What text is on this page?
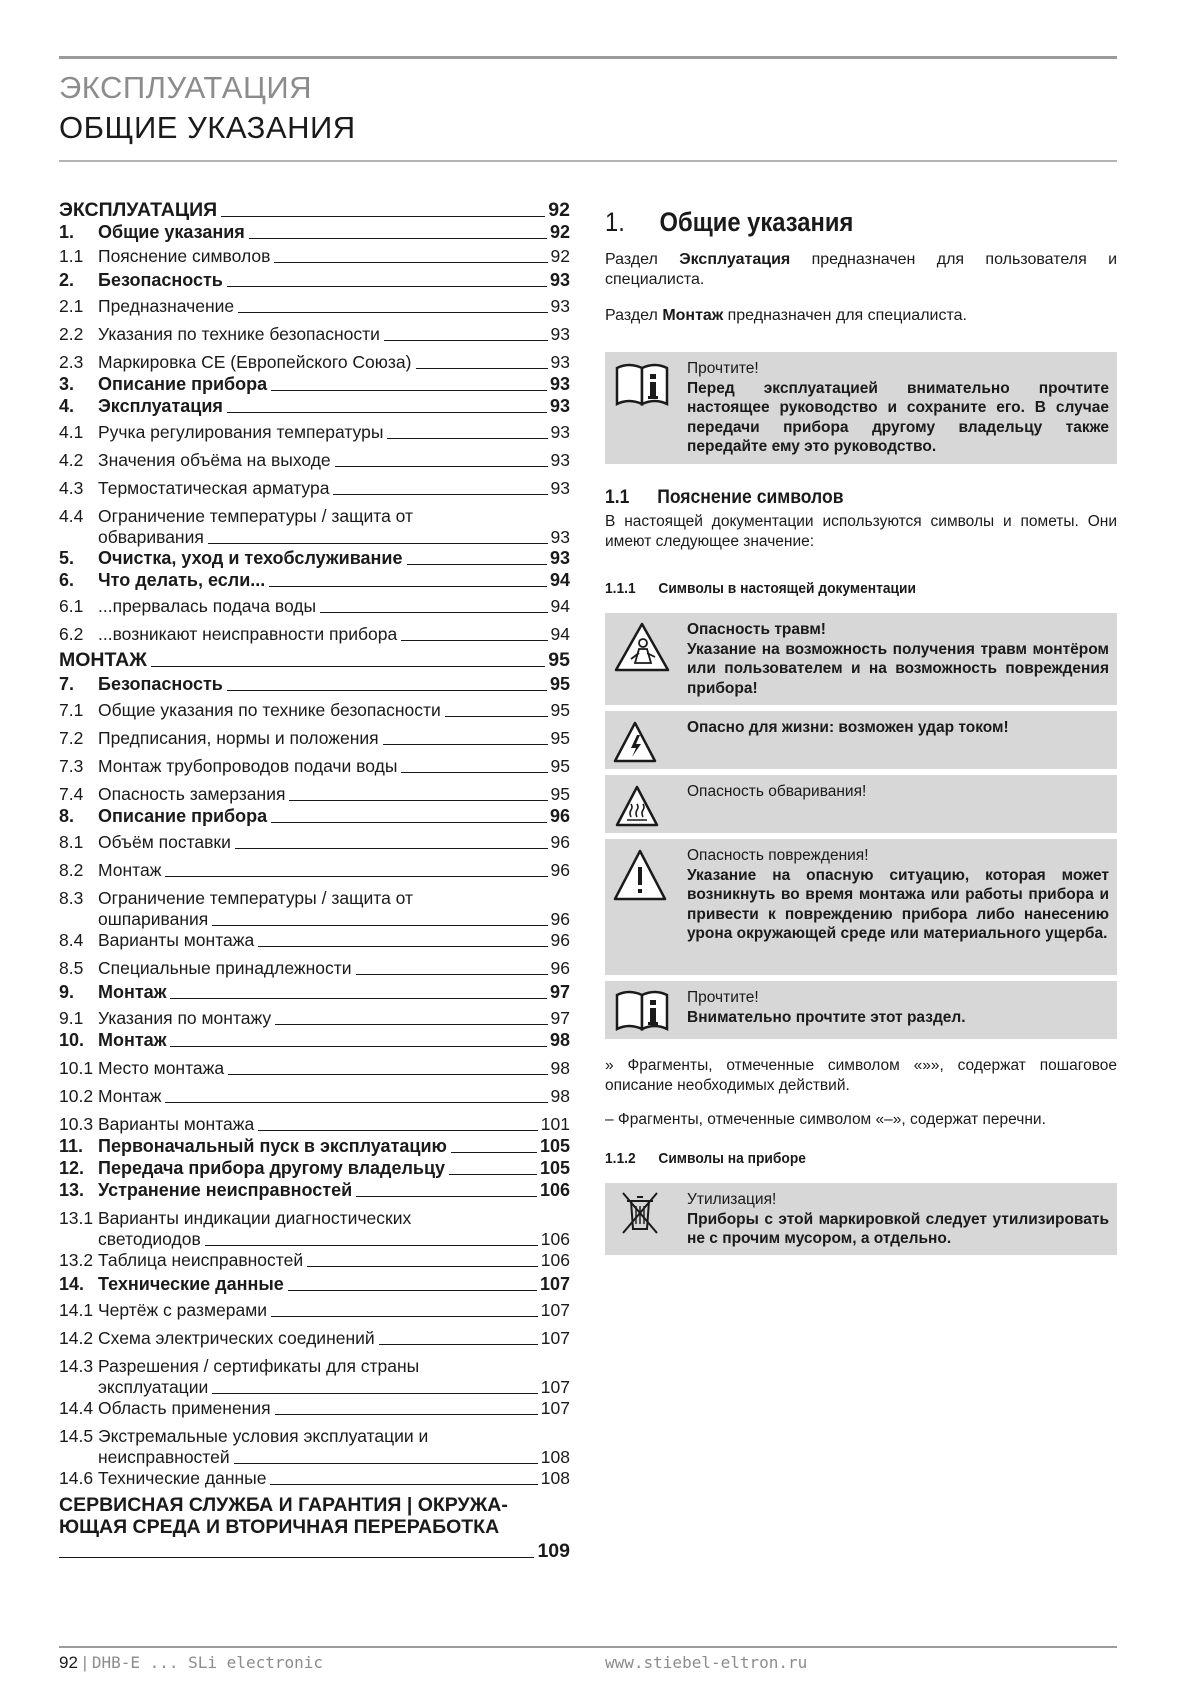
ЭКСПЛУАТАЦИЯ
ОБЩИЕ УКАЗАНИЯ
ЭКСПЛУАТАЦИЯ	92
1.	Общие указания	92
1.1 Пояснение символов	92
2.	Безопасность	93
2.1 Предназначение	93
2.2 Указания по технике безопасности	93
2.3 Маркировка CE (Европейского Союза)	93
3.	Описание прибора	93
4.	Эксплуатация	93
4.1 Ручка регулирования температуры	93
4.2 Значения объёма на выходе	93
4.3 Термостатическая арматура	93
4.4 Ограничение температуры / защита от
обваривания	93
5.	Очистка, уход и техобслуживание	93
6.	Что делать, если...	94
6.1 ...прервалась подача воды	94
6.2 ...возникают неисправности прибора	94
МОНТАЖ	95
7.	Безопасность	95
7.1 Общие указания по технике безопасности	95
7.2 Предписания, нормы и положения	95
7.3 Монтаж трубопроводов подачи воды	95
7.4 Опасность замерзания	95
8.	Описание прибора	96
8.1 Объём поставки	96
8.2 Монтаж	96
8.3 Ограничение температуры / защита от
ошпаривания	96
8.4 Варианты монтажа	96
8.5 Специальные принадлежности	96
9.	Монтаж	97
9.1 Указания по монтажу	97
10. Монтаж	98
10.1 Место монтажа	98
10.2 Монтаж	98
10.3 Варианты монтажа	101
11. Первоначальный пуск в эксплуатацию	105
12. Передача прибора другому владельцу	105
13. Устранение неисправностей	106
13.1 Варианты индикации диагностических
светодиодов	106
13.2 Таблица неисправностей	106
14. Технические данные	107
14.1 Чертёж с размерами	107
14.2 Схема электрических соединений	107
14.3 Разрешения / сертификаты для страны
эксплуатации	107
14.4 Область применения	107
14.5 Экстремальные условия эксплуатации и
неисправностей	108
14.6 Технические данные	108
СЕРВИСНАЯ СЛУЖБА И ГАРАНТИЯ | ОКРУЖА-
ЮЩАЯ СРЕДА И ВТОРИЧНАЯ ПЕРЕРАБОТКА
109
1. Общие указания
Раздел Эксплуатация предназначен для пользователя и специалиста.
Раздел Монтаж предназначен для специалиста.
Прочтите!
Перед эксплуатацией внимательно прочтите настоящее руководство и сохраните его. В случае передачи прибора другому владельцу также передайте ему это руководство.
1.1 Пояснение символов
В настоящей документации используются символы и пометы. Они имеют следующее значение:
1.1.1 Символы в настоящей документации
Опасность травм!
Указание на возможность получения травм монтёром или пользователем и на возможность повреждения прибора!
Опасно для жизни: возможен удар током!
Опасность обваривания!
Опасность повреждения!
Указание на опасную ситуацию, которая может возникнуть во время монтажа или работы прибора и привести к повреждению прибора либо нанесению урона окружающей среде или материального ущерба.
Прочтите!
Внимательно прочтите этот раздел.
» Фрагменты, отмеченные символом «»», содержат пошаговое описание необходимых действий.
– Фрагменты, отмеченные символом «–», содержат перечни.
1.1.2 Символы на приборе
Утилизация!
Приборы с этой маркировкой следует утилизировать не с прочим мусором, а отдельно.
92 | DHB-E ... SLi electronic	www.stiebel-eltron.ru
